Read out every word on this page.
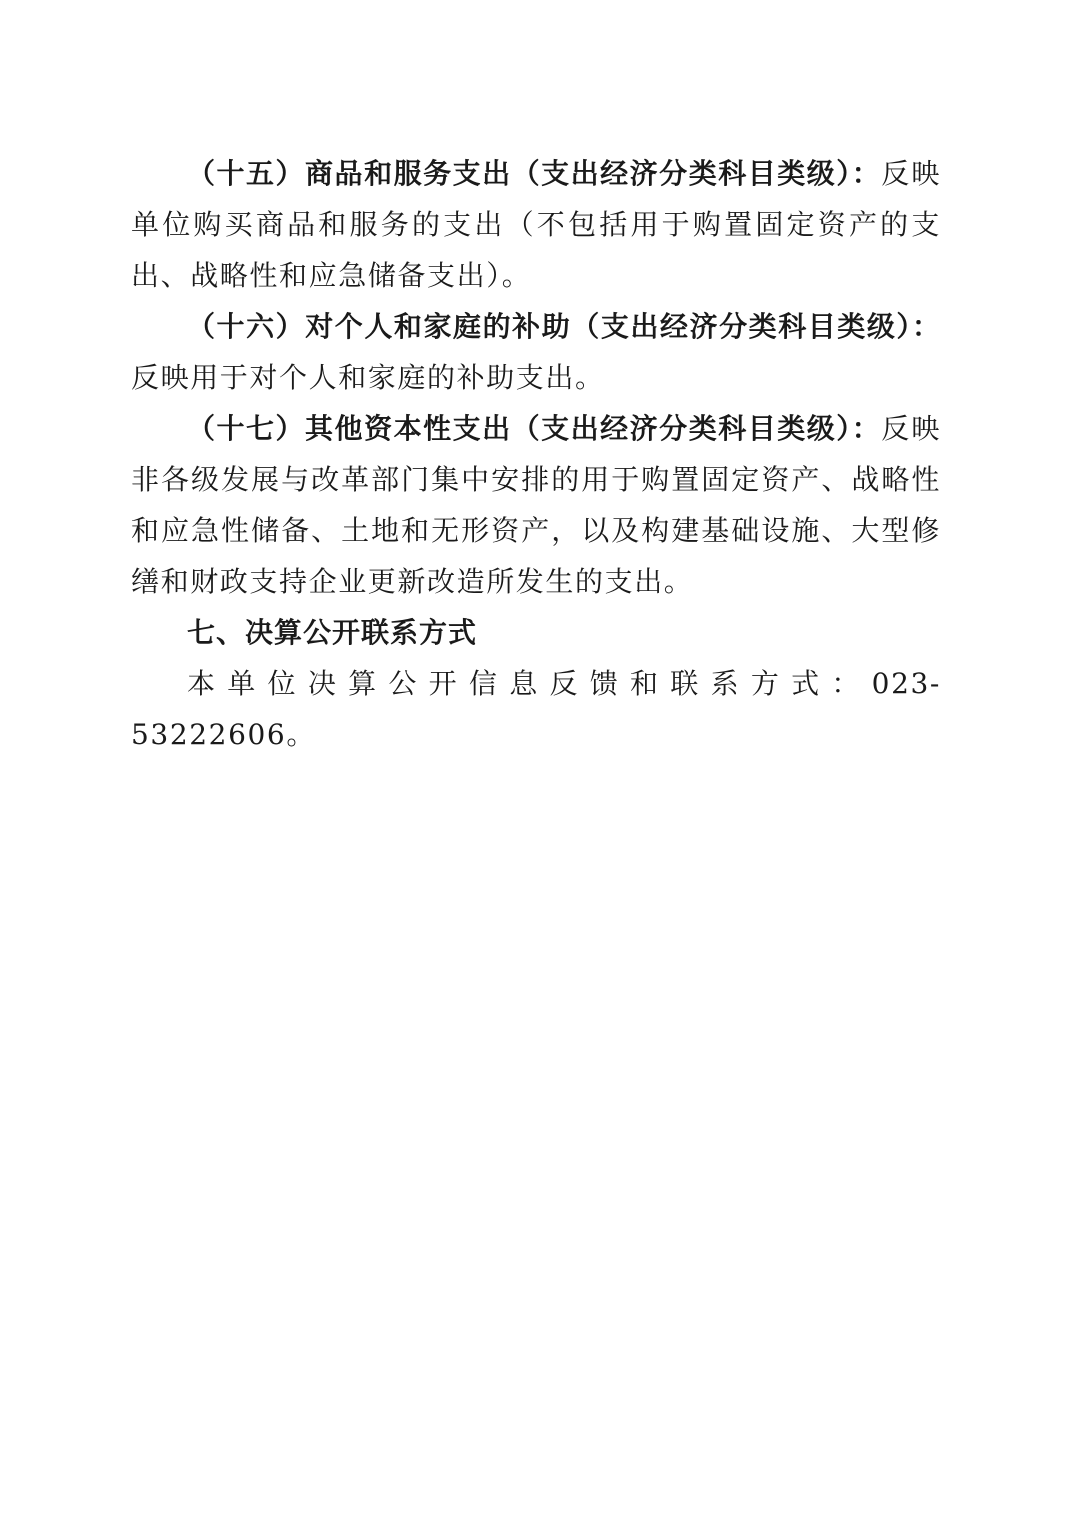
（十五）商品和服务支出（支出经济分类科目类级）：反映单位购买商品和服务的支出（不包括用于购置固定资产的支出、战略性和应急储备支出）。

（十六）对个人和家庭的补助（支出经济分类科目类级）：反映用于对个人和家庭的补助支出。

（十七）其他资本性支出（支出经济分类科目类级）：反映非各级发展与改革部门集中安排的用于购置固定资产、战略性和应急性储备、土地和无形资产，以及构建基础设施、大型修缮和财政支持企业更新改造所发生的支出。

七、决算公开联系方式

本单位决算公开信息反馈和联系方式：023-53222606。
